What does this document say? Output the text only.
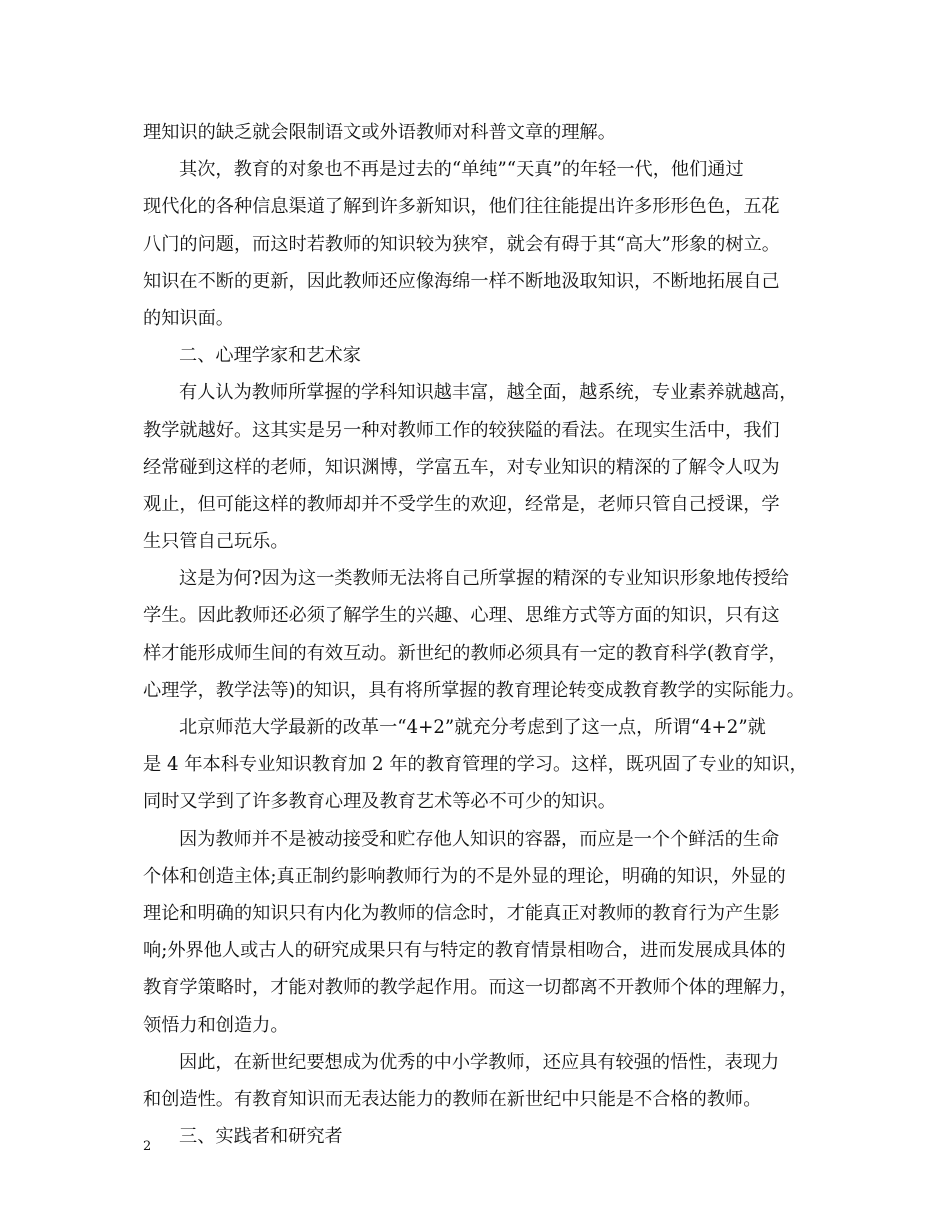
理知识的缺乏就会限制语文或外语教师对科普文章的理解。
其次，教育的对象也不再是过去的“单纯”“天真”的年轻一代，他们通过
现代化的各种信息渠道了解到许多新知识，他们往往能提出许多形形色色，五花
八门的问题，而这时若教师的知识较为狭窄，就会有碍于其“高大”形象的树立。
知识在不断的更新，因此教师还应像海绵一样不断地汲取知识，不断地拓展自己
的知识面。
二、心理学家和艺术家
有人认为教师所掌握的学科知识越丰富，越全面，越系统，专业素养就越高，
教学就越好。这其实是另一种对教师工作的较狭隘的看法。在现实生活中，我们
经常碰到这样的老师，知识渊博，学富五车，对专业知识的精深的了解令人叹为
观止，但可能这样的教师却并不受学生的欢迎，经常是，老师只管自己授课，学
生只管自己玩乐。
这是为何?因为这一类教师无法将自己所掌握的精深的专业知识形象地传授给
学生。因此教师还必须了解学生的兴趣、心理、思维方式等方面的知识，只有这
样才能形成师生间的有效互动。新世纪的教师必须具有一定的教育科学(教育学，
心理学，教学法等)的知识，具有将所掌握的教育理论转变成教育教学的实际能力。
北京师范大学最新的改革一“4+2”就充分考虑到了这一点，所谓“4+2”就
是 4 年本科专业知识教育加 2 年的教育管理的学习。这样，既巩固了专业的知识，
同时又学到了许多教育心理及教育艺术等必不可少的知识。
因为教师并不是被动接受和贮存他人知识的容器，而应是一个个鲜活的生命
个体和创造主体;真正制约影响教师行为的不是外显的理论，明确的知识，外显的
理论和明确的知识只有内化为教师的信念时，才能真正对教师的教育行为产生影
响;外界他人或古人的研究成果只有与特定的教育情景相吻合，进而发展成具体的
教育学策略时，才能对教师的教学起作用。而这一切都离不开教师个体的理解力，
领悟力和创造力。
因此，在新世纪要想成为优秀的中小学教师，还应具有较强的悟性，表现力
和创造性。有教育知识而无表达能力的教师在新世纪中只能是不合格的教师。
三、实践者和研究者
2
